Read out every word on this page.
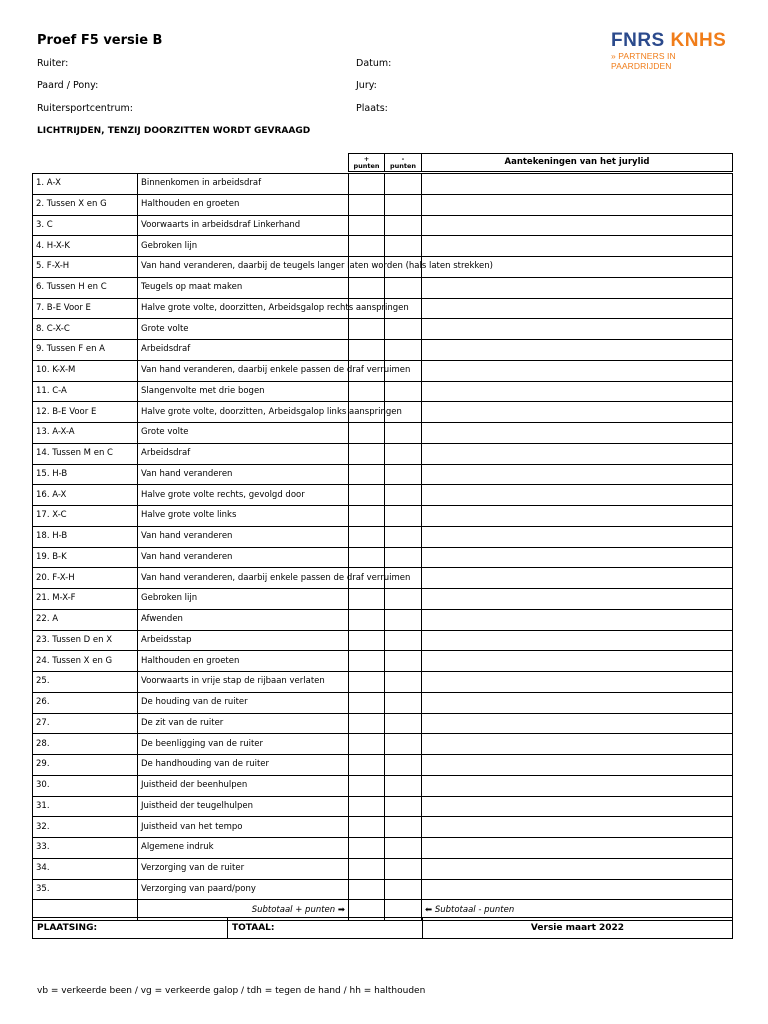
Proef F5 versie B	FNRS KNHS
» PARTNERS IN PAARDRIJDEN
Ruiter:
Paard / Pony:
Ruitersportcentrum:
Datum:
Jury:
Plaats:
LICHTRIJDEN, TENZIJ DOORZITTEN WORDT GEVRAAGD
		+
punten	-
punten	Aantekeningen van het jurylid

1. A-X	Binnenkomen in arbeidsdraf			
2. Tussen X en G	Halthouden en groeten			
3. C	Voorwaarts in arbeidsdraf Linkerhand			
4. H-X-K	Gebroken lijn			
5. F-X-H	Van hand veranderen, daarbij de teugels langer laten worden (hals laten strekken)			
6. Tussen H en C	Teugels op maat maken			
7. B-E Voor E	Halve grote volte, doorzitten, Arbeidsgalop rechts aanspringen			
8. C-X-C	Grote volte			
9. Tussen F en A	Arbeidsdraf			
10. K-X-M	Van hand veranderen, daarbij enkele passen de draf verruimen			
11. C-A	Slangenvolte met drie bogen			
12. B-E Voor E	Halve grote volte, doorzitten, Arbeidsgalop links aanspringen			
13. A-X-A	Grote volte			
14. Tussen M en C	Arbeidsdraf			
15. H-B	Van hand veranderen			
16. A-X	Halve grote volte rechts, gevolgd door			
17. X-C	Halve grote volte links			
18. H-B	Van hand veranderen			
19. B-K	Van hand veranderen			
20. F-X-H	Van hand veranderen, daarbij enkele passen de draf verruimen			
21. M-X-F	Gebroken lijn			
22. A	Afwenden			
23. Tussen D en X	Arbeidsstap			
24. Tussen X en G	Halthouden en groeten			
25.	Voorwaarts in vrije stap de rijbaan verlaten			
26.	De houding van de ruiter			
27.	De zit van de ruiter			
28.	De beenligging van de ruiter			
29.	De handhouding van de ruiter			
30.	Juistheid der beenhulpen			
31.	Juistheid der teugelhulpen			
32.	Juistheid van het tempo			
33.	Algemene indruk			
34.	Verzorging van de ruiter			
35.	Verzorging van paard/pony			
	Subtotaal + punten ➡			⬅ Subtotaal - punten
PLAATSING:	TOTAAL:	Versie maart 2022
vb = verkeerde been / vg = verkeerde galop / tdh = tegen de hand / hh = halthouden
